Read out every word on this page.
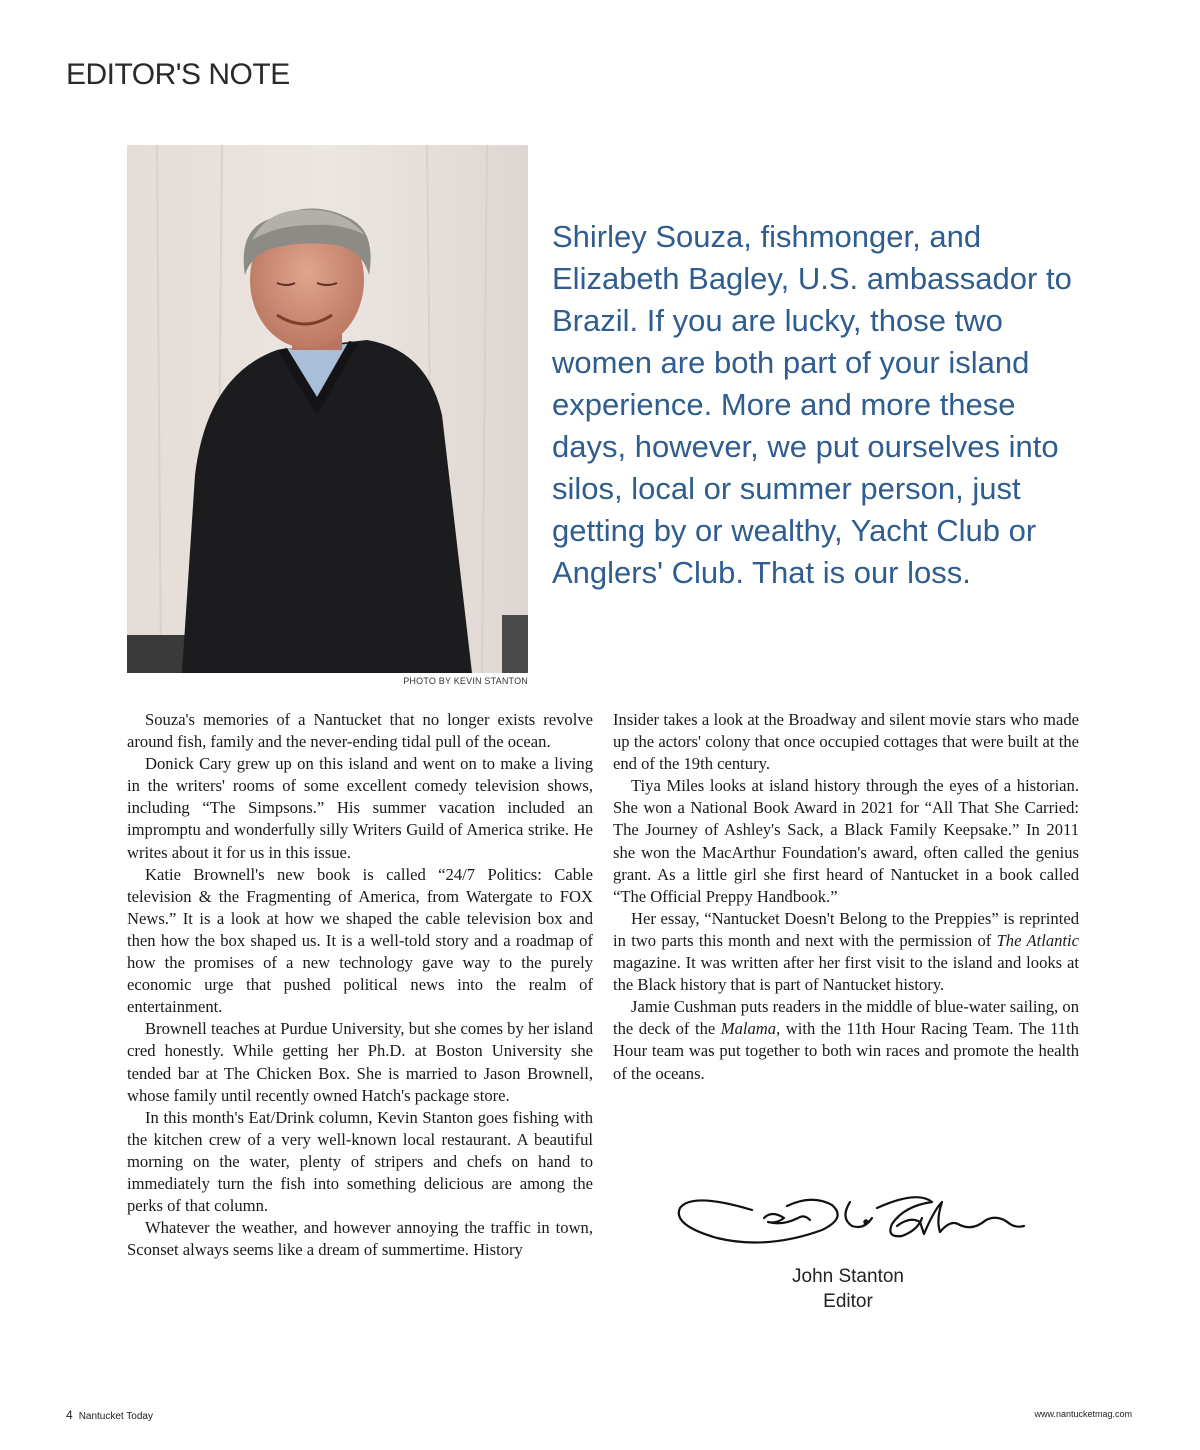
EDITOR'S NOTE
PHOTO BY KEVIN STANTON

Shirley Souza, fishmonger, and Elizabeth Bagley, U.S. ambassador to Brazil. If you are lucky, those two women are both part of your island experience. More and more these days, however, we put ourselves into silos, local or summer person, just getting by or wealthy, Yacht Club or Anglers' Club. That is our loss.

Souza's memories of a Nantucket that no longer exists revolve around fish, family and the never-ending tidal pull of the ocean.

Donick Cary grew up on this island and went on to make a living in the writers' rooms of some excellent comedy television shows, including “The Simpsons.” His summer vacation included an impromptu and wonderfully silly Writers Guild of America strike. He writes about it for us in this issue.

Katie Brownell's new book is called “24/7 Politics: Cable television & the Fragmenting of America, from Watergate to FOX News.” It is a look at how we shaped the cable television box and then how the box shaped us. It is a well-told story and a roadmap of how the promises of a new technology gave way to the purely economic urge that pushed political news into the realm of entertainment.

Brownell teaches at Purdue University, but she comes by her island cred honestly. While getting her Ph.D. at Boston University she tended bar at The Chicken Box. She is married to Jason Brownell, whose family until recently owned Hatch's package store.

In this month's Eat/Drink column, Kevin Stanton goes fishing with the kitchen crew of a very well-known local restaurant. A beautiful morning on the water, plenty of stripers and chefs on hand to immediately turn the fish into something delicious are among the perks of that column.

Whatever the weather, and however annoying the traffic in town, Sconset always seems like a dream of summertime. History

Insider takes a look at the Broadway and silent movie stars who made up the actors' colony that once occupied cottages that were built at the end of the 19th century.

Tiya Miles looks at island history through the eyes of a historian. She won a National Book Award in 2021 for “All That She Carried: The Journey of Ashley's Sack, a Black Family Keepsake.” In 2011 she won the MacArthur Foundation's award, often called the genius grant. As a little girl she first heard of Nantucket in a book called “The Official Preppy Handbook.”

Her essay, “Nantucket Doesn't Belong to the Preppies” is reprinted in two parts this month and next with the permission of The Atlantic magazine. It was written after her first visit to the island and looks at the Black history that is part of Nantucket history.

Jamie Cushman puts readers in the middle of blue-water sailing, on the deck of the Malama, with the 11th Hour Racing Team. The 11th Hour team was put together to both win races and promote the health of the oceans.

John Stanton
Editor
4 Nantucket Today	www.nantucketmag.com
